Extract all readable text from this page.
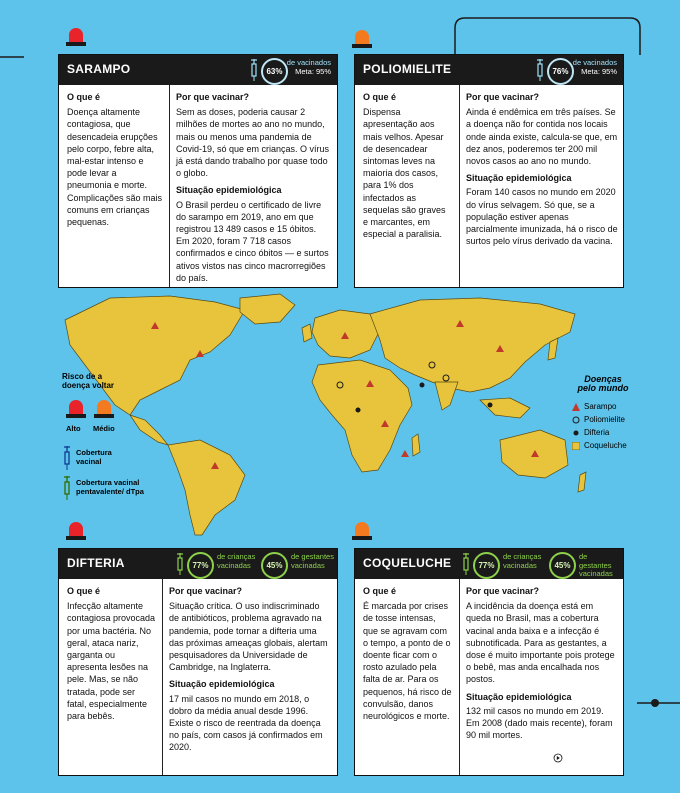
SARAMPO	63%
de vacinados
Meta: 95%
O que é
Doença altamente contagiosa, que desencadeia erupções pelo corpo, febre alta, mal-estar intenso e pode levar a pneumonia e morte. Complicações são mais comuns em crianças pequenas.
Por que vacinar?
Sem as doses, poderia causar 2 milhões de mortes ao ano no mundo, mais ou menos uma pandemia de Covid-19, só que em crianças. O vírus já está dando trabalho por quase todo o globo.
Situação epidemiológica
O Brasil perdeu o certificado de livre do sarampo em 2019, ano em que registrou 13 489 casos e 15 óbitos. Em 2020, foram 7 718 casos confirmados e cinco óbitos — e surtos ativos vistos nas cinco macrorregiões do país.
POLIOMIELITE	76%
de vacinados
Meta: 95%
O que é
Dispensa apresentação aos mais velhos. Apesar de desencadear sintomas leves na maioria dos casos, para 1% dos infectados as sequelas são graves e marcantes, em especial a paralisia.
Por que vacinar?
Ainda é endêmica em três países. Se a doença não for contida nos locais onde ainda existe, calcula-se que, em dez anos, poderemos ter 200 mil novos casos ao ano no mundo.
Situação epidemiológica
Foram 140 casos no mundo em 2020 do vírus selvagem. Só que, se a população estiver apenas parcialmente imunizada, há o risco de surtos pelo vírus derivado da vacina.
Risco de a
doença voltar
Alto Médio
Cobertura
vacinal
Cobertura vacinal
pentavalente/ dTpa
Doenças
pelo mundo
Sarampo
Poliomielite
Difteria
Coqueluche
DIFTERIA	77%
de crianças vacinadas	45%
de gestantes vacinadas
O que é
Infecção altamente contagiosa provocada por uma bactéria. No geral, ataca nariz, garganta ou apresenta lesões na pele. Mas, se não tratada, pode ser fatal, especialmente para bebês.
Por que vacinar?
Situação crítica. O uso indiscriminado de antibióticos, problema agravado na pandemia, pode tornar a difteria uma das próximas ameaças globais, alertam pesquisadores da Universidade de Cambridge, na Inglaterra.
Situação epidemiológica
17 mil casos no mundo em 2018, o dobro da média anual desde 1996. Existe o risco de reentrada da doença no país, com casos já confirmados em 2020.
COQUELUCHE	77%
de crianças vacinadas	45%
de gestantes vacinadas
O que é
É marcada por crises de tosse intensas, que se agravam com o tempo, a ponto de o doente ficar com o rosto azulado pela falta de ar. Para os pequenos, há risco de convulsão, danos neurológicos e morte.
Por que vacinar?
A incidência da doença está em queda no Brasil, mas a cobertura vacinal anda baixa e a infecção é subnotificada. Para as gestantes, a dose é muito importante pois protege o bebê, mas anda encalhada nos postos.
Situação epidemiológica
132 mil casos no mundo em 2019. Em 2008 (dado mais recente), foram 90 mil mortes.
